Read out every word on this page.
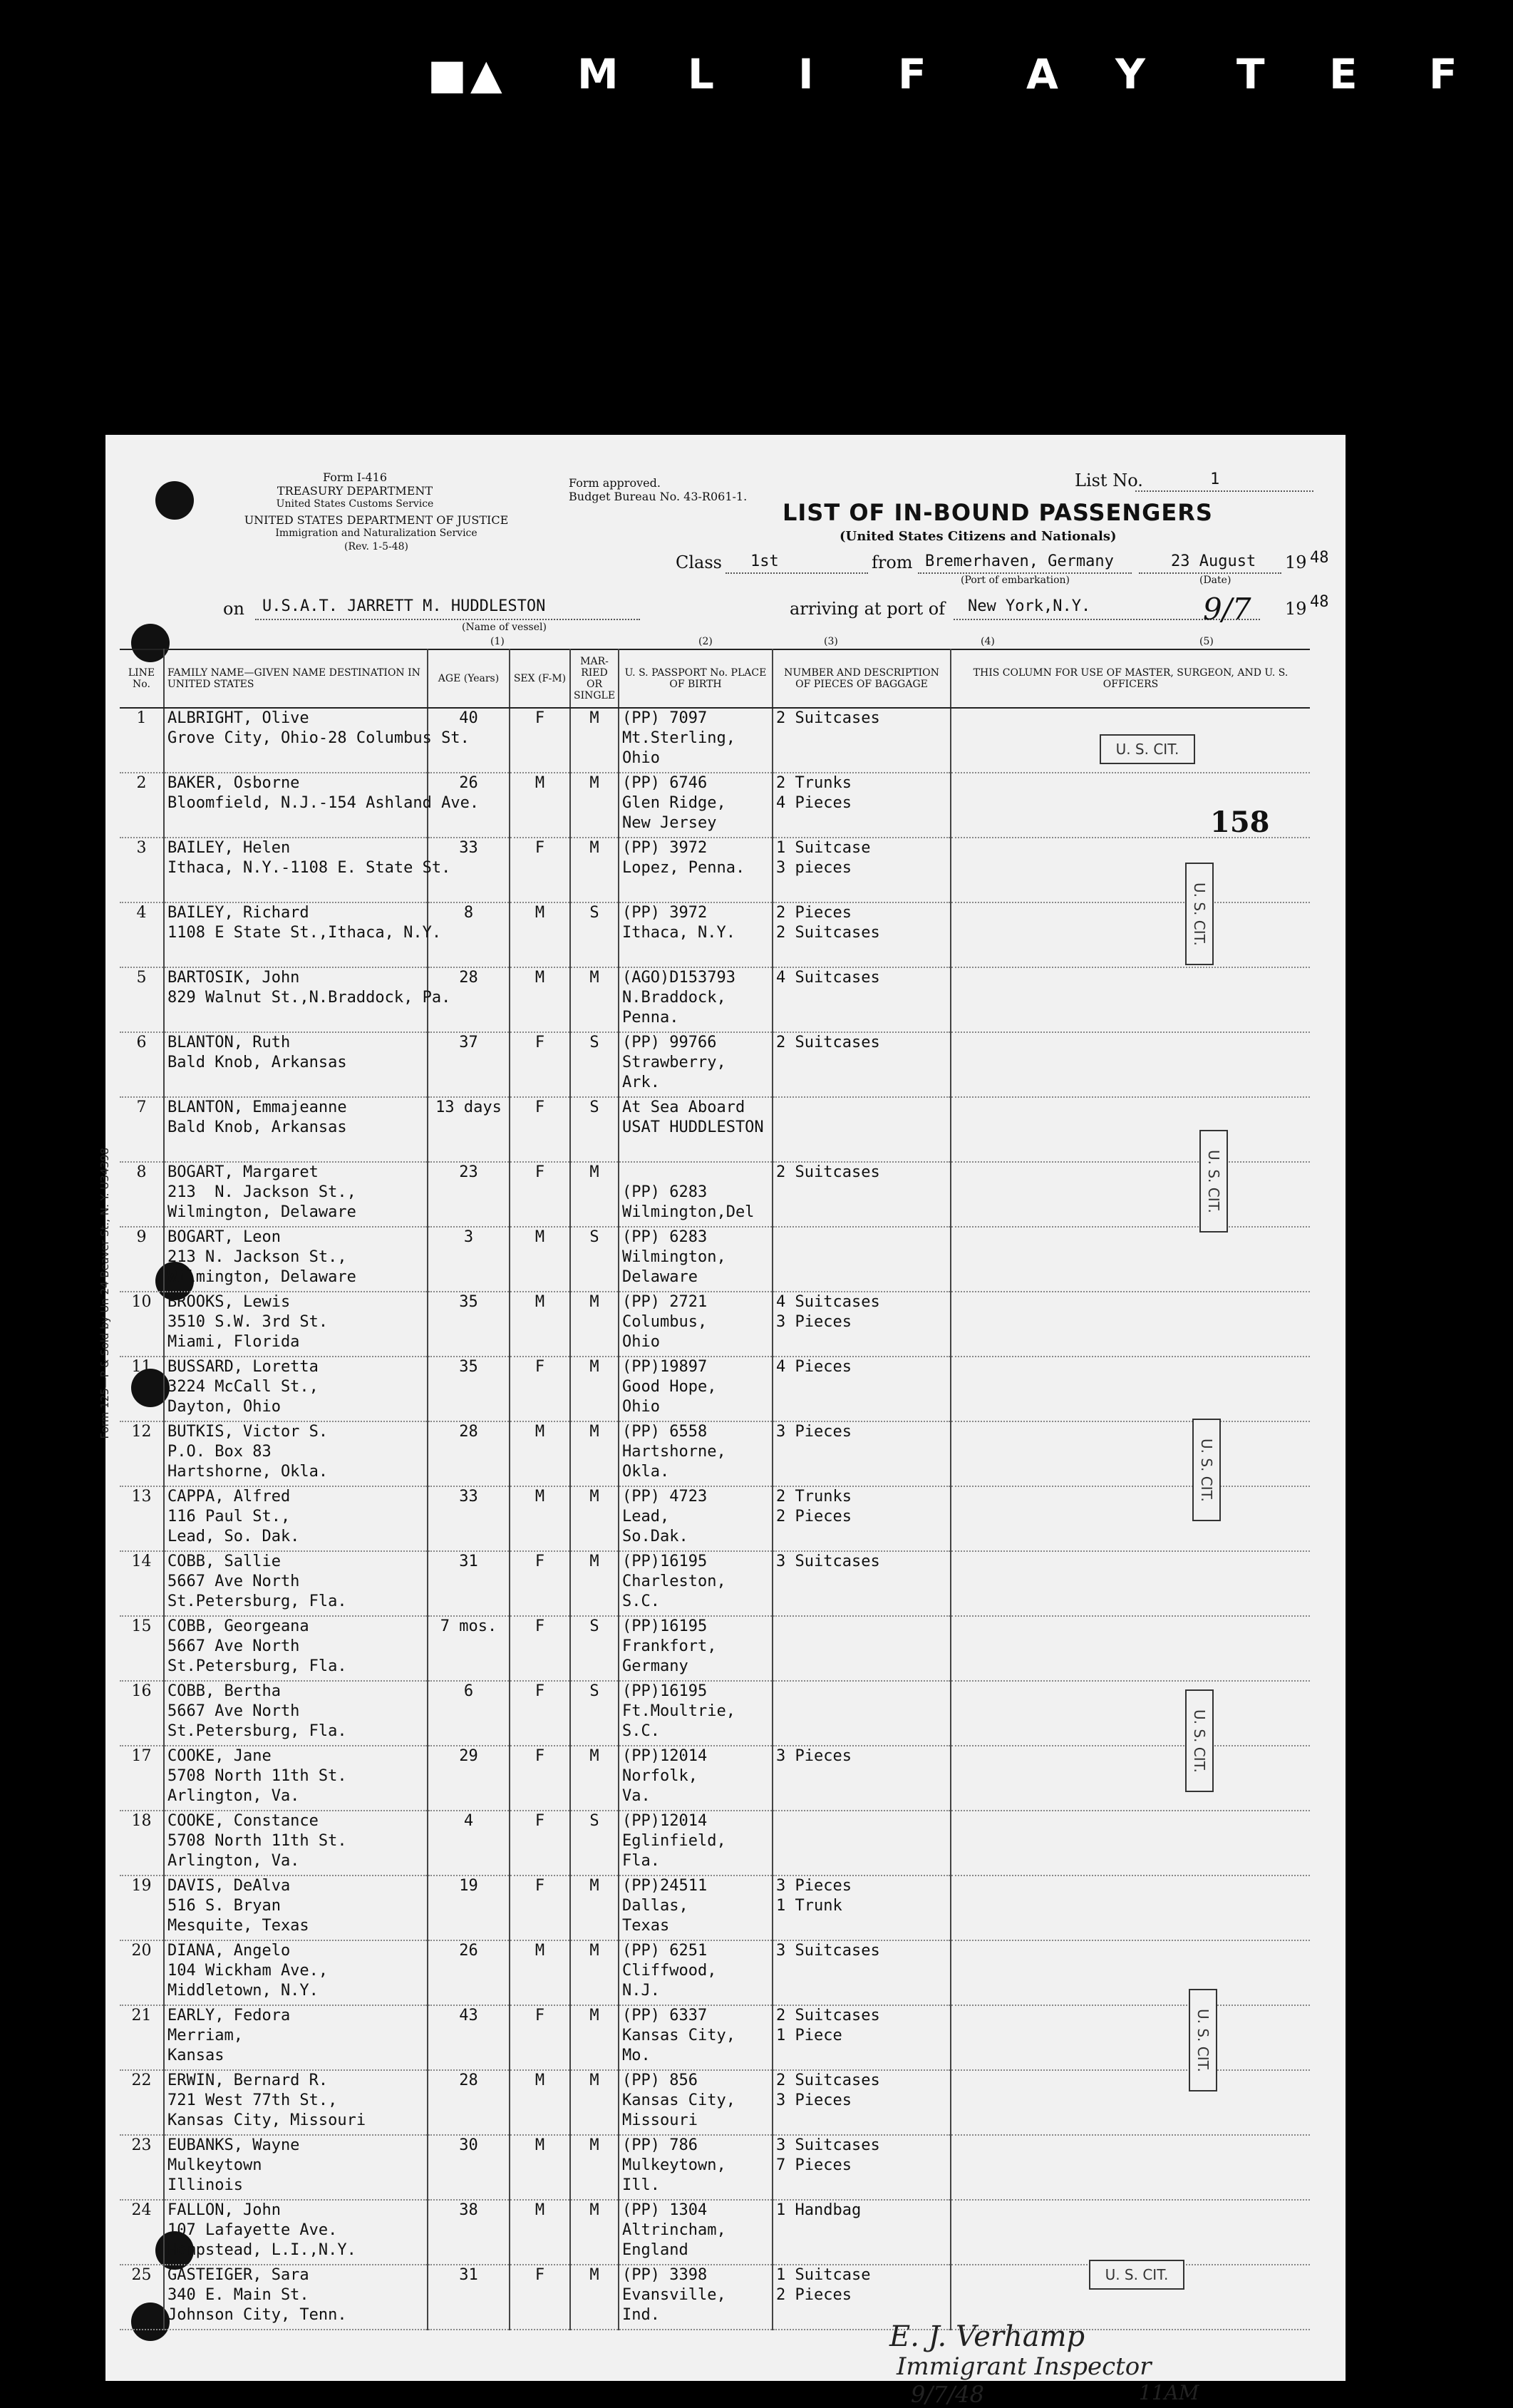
■ ▲ M L I F A Y T E F
Form 125—P & Sold by Un 24 Beaver St., N. Y. U34398
Form I-416
TREASURY DEPARTMENT
United States Customs Service
UNITED STATES DEPARTMENT OF JUSTICE
Immigration and Naturalization Service
(Rev. 1-5-48)
Form approved.
Budget Bureau No. 43-R061-1.
List No.	1
LIST OF IN-BOUND PASSENGERS
(United States Citizens and Nationals)
Class 1st	from Bremerhaven, Germany
(Port of embarkation)
23 August
(Date)
19 48
on U.S.A.T. JARRETT M. HUDDLESTON
(Name of vessel)
arriving at port of New York,N.Y.	9/7 19 48
(1)	(2)	(3)	(4)	(5)
LINE No.	FAMILY NAME—GIVEN NAME DESTINATION IN UNITED STATES	AGE (Years)	SEX (F-M)	MAR-RIED OR SINGLE	U. S. PASSPORT No. PLACE OF BIRTH	NUMBER AND DESCRIPTION OF PIECES OF BAGGAGE	THIS COLUMN FOR USE OF MASTER, SURGEON, AND U. S. OFFICERS
1	ALBRIGHT, Olive
Grove City, Ohio-28 Columbus St.	40	F	M	(PP) 7097
Mt.Sterling,
Ohio	2 Suitcases	
2	BAKER, Osborne
Bloomfield, N.J.-154 Ashland Ave.	26	M	M	(PP) 6746
Glen Ridge,
New Jersey	2 Trunks
4 Pieces	
3	BAILEY, Helen
Ithaca, N.Y.-1108 E. State St.	33	F	M	(PP) 3972
Lopez, Penna.	1 Suitcase
3 pieces	
4	BAILEY, Richard
1108 E State St.,Ithaca, N.Y.	8	M	S	(PP) 3972
Ithaca, N.Y.	2 Pieces
2 Suitcases	
5	BARTOSIK, John
829 Walnut St.,N.Braddock, Pa.	28	M	M	(AGO)D153793
N.Braddock,
Penna.	4 Suitcases	
6	BLANTON, Ruth
Bald Knob, Arkansas	37	F	S	(PP) 99766
Strawberry,
Ark.	2 Suitcases	
7	BLANTON, Emmajeanne
Bald Knob, Arkansas	13 days	F	S	At Sea Aboard
USAT HUDDLESTON		
8	BOGART, Margaret
213  N. Jackson St.,
Wilmington, Delaware	23	F	M	
(PP) 6283
Wilmington,Del	2 Suitcases	
9	BOGART, Leon
213 N. Jackson St.,
Wilmington, Delaware	3	M	S	(PP) 6283
Wilmington,
Delaware		
10	BROOKS, Lewis
3510 S.W. 3rd St.
Miami, Florida	35	M	M	(PP) 2721
Columbus,
Ohio	4 Suitcases
3 Pieces	
11	BUSSARD, Loretta
3224 McCall St.,
Dayton, Ohio	35	F	M	(PP)19897
Good Hope,
Ohio	4 Pieces	
12	BUTKIS, Victor S.
P.O. Box 83
Hartshorne, Okla.	28	M	M	(PP) 6558
Hartshorne,
Okla.	3 Pieces	
13	CAPPA, Alfred
116 Paul St.,
Lead, So. Dak.	33	M	M	(PP) 4723
Lead,
So.Dak.	2 Trunks
2 Pieces	
14	COBB, Sallie
5667 Ave North
St.Petersburg, Fla.	31	F	M	(PP)16195
Charleston,
S.C.	3 Suitcases	
15	COBB, Georgeana
5667 Ave North
St.Petersburg, Fla.	7 mos.	F	S	(PP)16195
Frankfort,
Germany		
16	COBB, Bertha
5667 Ave North
St.Petersburg, Fla.	6	F	S	(PP)16195
Ft.Moultrie,
S.C.		
17	COOKE, Jane
5708 North 11th St.
Arlington, Va.	29	F	M	(PP)12014
Norfolk,
Va.	3 Pieces	
18	COOKE, Constance
5708 North 11th St.
Arlington, Va.	4	F	S	(PP)12014
Eglinfield,
Fla.		
19	DAVIS, DeAlva
516 S. Bryan
Mesquite, Texas	19	F	M	(PP)24511
Dallas,
Texas	3 Pieces
1 Trunk	
20	DIANA, Angelo
104 Wickham Ave.,
Middletown, N.Y.	26	M	M	(PP) 6251
Cliffwood,
N.J.	3 Suitcases	
21	EARLY, Fedora
Merriam,
Kansas	43	F	M	(PP) 6337
Kansas City,
Mo.	2 Suitcases
1 Piece	
22	ERWIN, Bernard R.
721 West 77th St.,
Kansas City, Missouri	28	M	M	(PP) 856
Kansas City,
Missouri	2 Suitcases
3 Pieces	
23	EUBANKS, Wayne
Mulkeytown
Illinois	30	M	M	(PP) 786
Mulkeytown,
Ill.	3 Suitcases
7 Pieces	
24	FALLON, John
107 Lafayette Ave.
Hempstead, L.I.,N.Y.	38	M	M	(PP) 1304
Altrincham,
England	1 Handbag	
25	GASTEIGER, Sara
340 E. Main St.
Johnson City, Tenn.	31	F	M	(PP) 3398
Evansville,
Ind.	1 Suitcase
2 Pieces	
U. S. CIT.
158
U. S. CIT.
U. S. CIT.
U. S. CIT.
U. S. CIT.
U. S. CIT.
U. S. CIT.
E. J. Verhamp
Immigrant Inspector
9/7/48	11AM
